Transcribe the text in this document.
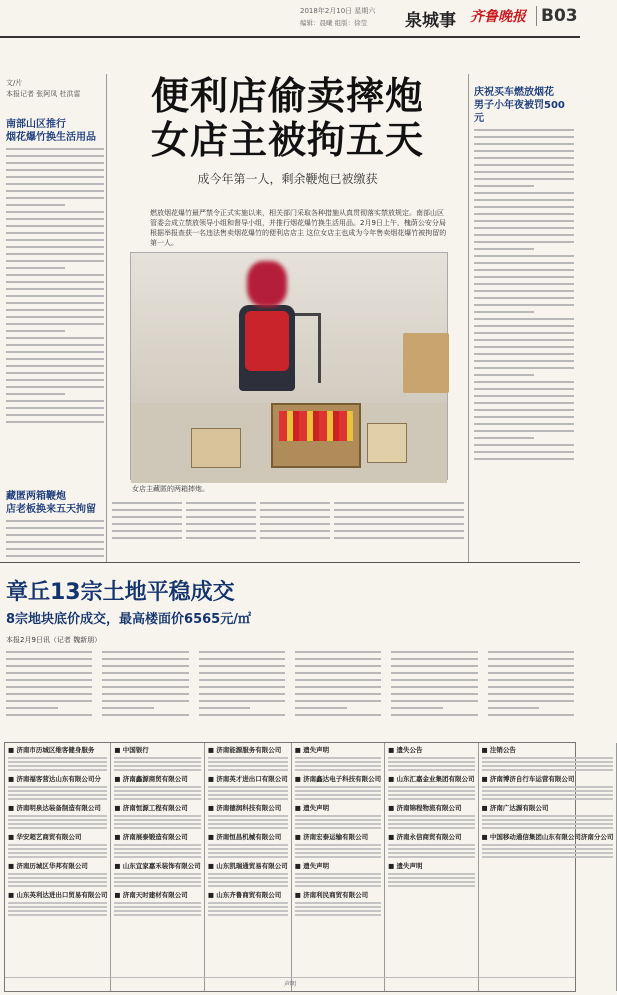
2018年2月10日 星期六
编辑：晨曦 组版：徐莹 泉城事 齐鲁晚报 B03
文/片
本报记者 张阿凤 杜洪雷
南部山区推行
烟花爆竹换生活用品
藏匿两箱鞭炮
店老板换来五天拘留
便利店偷卖摔炮
女店主被拘五天
成今年第一人，剩余鞭炮已被缴获
燃放烟花爆竹最严禁令正式实施以来，相关部门采取各种措施从真贯彻落实禁放规定。南部山区管委会成立禁放领导小组和督导小组，并推行烟花爆竹换生活用品。2月9日上午，槐荫公安分局根据举报查获一名违法售卖烟花爆竹的便利店店主 这位女店主也成为今年售卖烟花爆竹被拘留的第一人。
女店主藏匿的两箱摔炮。
庆祝买车燃放烟花
男子小年夜被罚500元
章丘13宗土地平稳成交
8宗地块底价成交，最高楼面价6565元/㎡
本报2月9日讯（记者 魏新朋）
■ 济南市历城区维客健身服务
■ 济南福客营达山东有限公司分
■ 济南明泉达装备制造有限公司
■ 华安超艺商贸有限公司
■ 济南历城区华邦有限公司
■ 山东英利达进出口贸易有限公司
■ 中国银行
■ 济南鑫源商贸有限公司
■ 济南恒源工程有限公司
■ 济南展泰锻造有限公司
■ 山东宜家嘉禾装饰有限公司
■ 济南天时建材有限公司
■ 济南能源服务有限公司
■ 济南英才进出口有限公司
■ 济南德润科技有限公司
■ 济南恒昌机械有限公司
■ 山东凯瑞通贸易有限公司
■ 山东齐鲁商贸有限公司
■ 遗失声明
■ 济南鑫达电子科技有限公司
■ 遗失声明
■ 济南宏泰运输有限公司
■ 遗失声明
■ 济南利民商贸有限公司
■ 遗失公告
■ 山东汇嘉金业集团有限公司
■ 济南锦程物流有限公司
■ 济南永信商贸有限公司
■ 遗失声明
■ 注销公告
■ 济南博济自行车运营有限公司
■ 济南广达源有限公司
■ 中国移动通信集团山东有限公司济南分公司
声明
